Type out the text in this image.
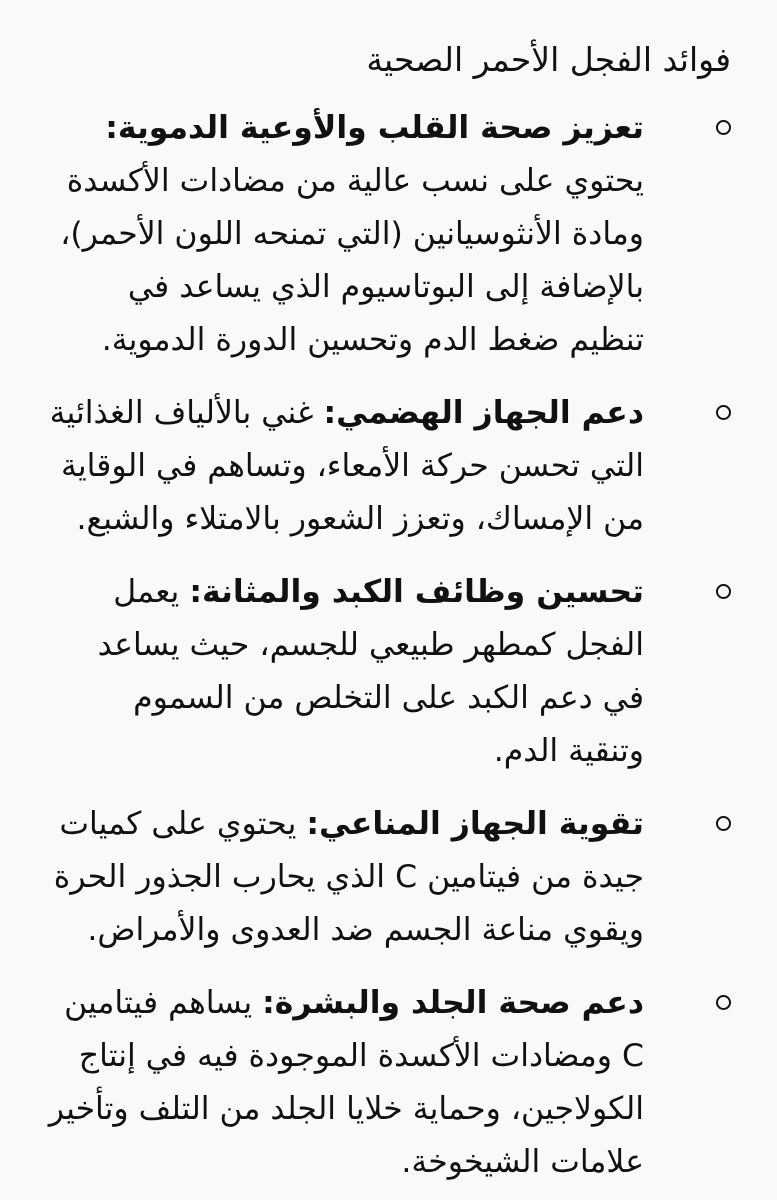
فوائد الفجل الأحمر الصحية
تعزيز صحة القلب والأوعية الدموية: يحتوي على نسب عالية من مضادات الأكسدة ومادة الأنثوسيانين (التي تمنحه اللون الأحمر)، بالإضافة إلى البوتاسيوم الذي يساعد في تنظيم ضغط الدم وتحسين الدورة الدموية.
دعم الجهاز الهضمي: غني بالألياف الغذائية التي تحسن حركة الأمعاء، وتساهم في الوقاية من الإمساك، وتعزز الشعور بالامتلاء والشبع.
تحسين وظائف الكبد والمثانة: يعمل الفجل كمطهر طبيعي للجسم، حيث يساعد في دعم الكبد على التخلص من السموم وتنقية الدم.
تقوية الجهاز المناعي: يحتوي على كميات جيدة من فيتامين C الذي يحارب الجذور الحرة ويقوي مناعة الجسم ضد العدوى والأمراض.
دعم صحة الجلد والبشرة: يساهم فيتامين C ومضادات الأكسدة الموجودة فيه في إنتاج الكولاجين، وحماية خلايا الجلد من التلف وتأخير علامات الشيخوخة.
